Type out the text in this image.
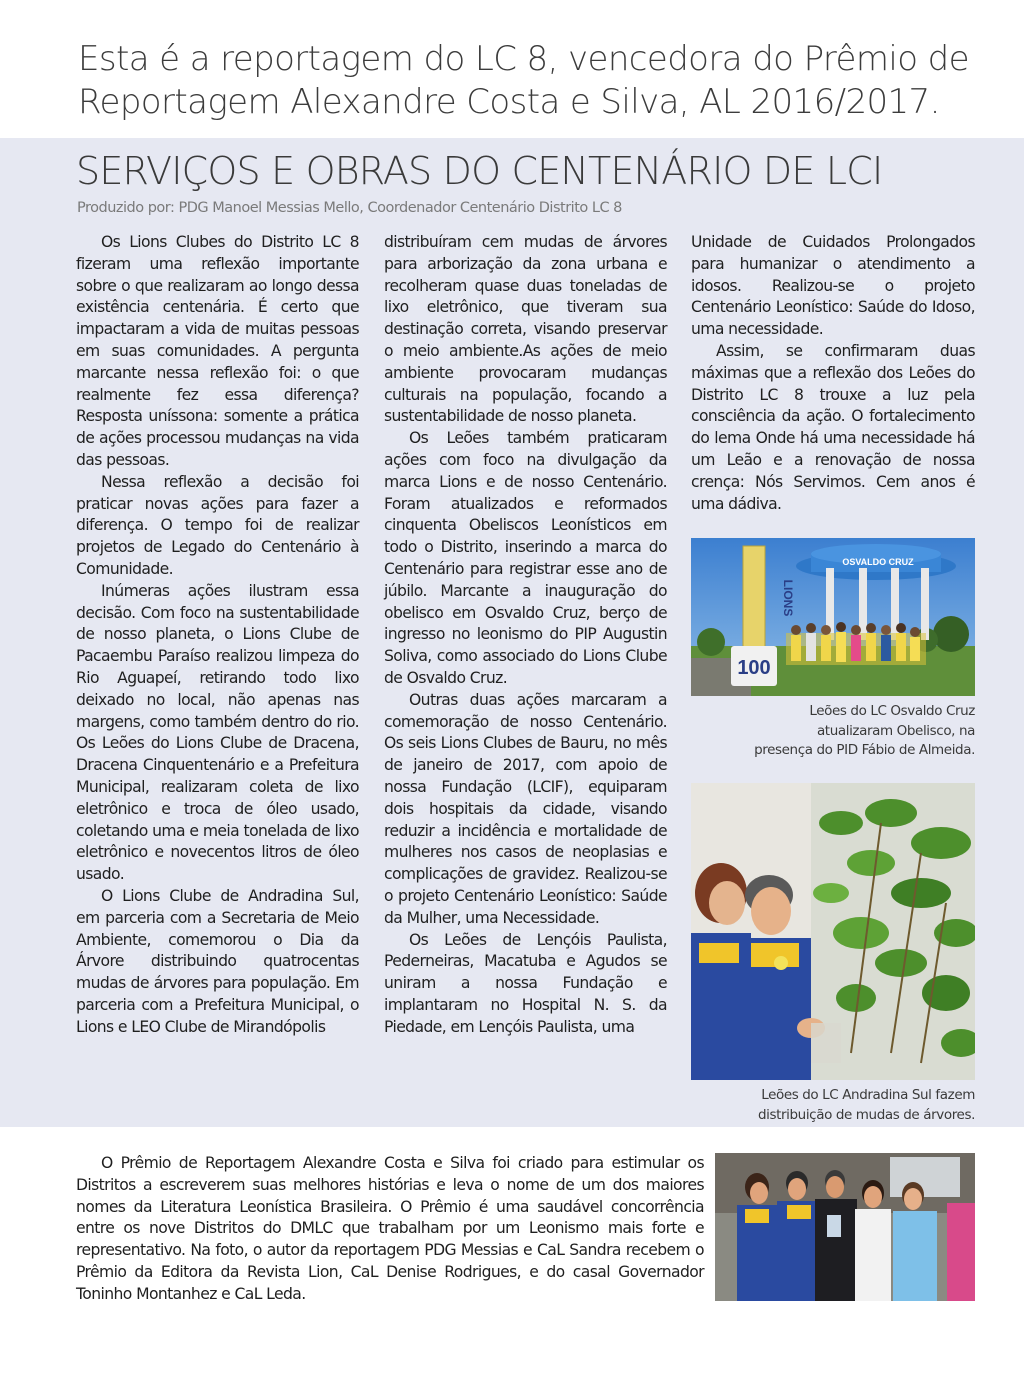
Esta é a reportagem do LC 8, vencedora do Prêmio de Reportagem Alexandre Costa e Silva, AL 2016/2017.
SERVIÇOS E OBRAS DO CENTENÁRIO DE LCI
Produzido por: PDG Manoel Messias Mello, Coordenador Centenário Distrito LC 8

Os Lions Clubes do Distrito LC 8 fizeram uma reflexão importante sobre o que realizaram ao longo dessa existência centenária. É certo que impactaram a vida de muitas pessoas em suas comunidades. A pergunta marcante nessa reflexão foi: o que realmente fez essa diferença? Resposta uníssona: somente a prática de ações processou mudanças na vida das pessoas.

Nessa reflexão a decisão foi praticar novas ações para fazer a diferença. O tempo foi de realizar projetos de Legado do Centenário à Comunidade.

Inúmeras ações ilustram essa decisão. Com foco na sustentabilidade de nosso planeta, o Lions Clube de Pacaembu Paraíso realizou limpeza do Rio Aguapeí, retirando todo lixo deixado no local, não apenas nas margens, como também dentro do rio. Os Leões do Lions Clube de Dracena, Dracena Cinquentenário e a Prefeitura Municipal, realizaram coleta de lixo eletrônico e troca de óleo usado, coletando uma e meia tonelada de lixo eletrônico e novecentos litros de óleo usado.

O Lions Clube de Andradina Sul, em parceria com a Secretaria de Meio Ambiente, comemorou o Dia da Árvore distribuindo quatrocentas mudas de árvores para população. Em parceria com a Prefeitura Municipal, o Lions e LEO Clube de Mirandópolis

distribuíram cem mudas de árvores para arborização da zona urbana e recolheram quase duas toneladas de lixo eletrônico, que tiveram sua destinação correta, visando preservar o meio ambiente.As ações de meio ambiente provocaram mudanças culturais na população, focando a sustentabilidade de nosso planeta.

Os Leões também praticaram ações com foco na divulgação da marca Lions e de nosso Centenário. Foram atualizados e reformados cinquenta Obeliscos Leonísticos em todo o Distrito, inserindo a marca do Centenário para registrar esse ano de júbilo. Marcante a inauguração do obelisco em Osvaldo Cruz, berço de ingresso no leonismo do PIP Augustin Soliva, como associado do Lions Clube de Osvaldo Cruz.

Outras duas ações marcaram a comemoração de nosso Centenário. Os seis Lions Clubes de Bauru, no mês de janeiro de 2017, com apoio de nossa Fundação (LCIF), equiparam dois hospitais da cidade, visando reduzir a incidência e mortalidade de mulheres nos casos de neoplasias e complicações de gravidez. Realizou-se o projeto Centenário Leonístico: Saúde da Mulher, uma Necessidade.

Os Leões de Lençóis Paulista, Pederneiras, Macatuba e Agudos se uniram a nossa Fundação e implantaram no Hospital N. S. da Piedade, em Lençóis Paulista, uma

Unidade de Cuidados Prolongados para humanizar o atendimento a idosos. Realizou-se o projeto Centenário Leonístico: Saúde do Idoso, uma necessidade.

Assim, se confirmaram duas máximas que a reflexão dos Leões do Distrito LC 8 trouxe a luz pela consciência da ação. O fortalecimento do lema Onde há uma necessidade há um Leão e a renovação de nossa crença: Nós Servimos. Cem anos é uma dádiva.

OSVALDO CRUZ
LIONS
100
Leões do LC Osvaldo Cruz
atualizaram Obelisco, na
presença do PID Fábio de Almeida.
Leões do LC Andradina Sul fazem
distribuição de mudas de árvores.

O Prêmio de Reportagem Alexandre Costa e Silva foi criado para estimular os Distritos a escreverem suas melhores histórias e leva o nome de um dos maiores nomes da Literatura Leonística Brasileira. O Prêmio é uma saudável concorrência entre os nove Distritos do DMLC que trabalham por um Leonismo mais forte e representativo. Na foto, o autor da reportagem PDG Messias e CaL Sandra recebem o Prêmio da Editora da Revista Lion, CaL Denise Rodrigues, e do casal Governador Toninho Montanhez e CaL Leda.
